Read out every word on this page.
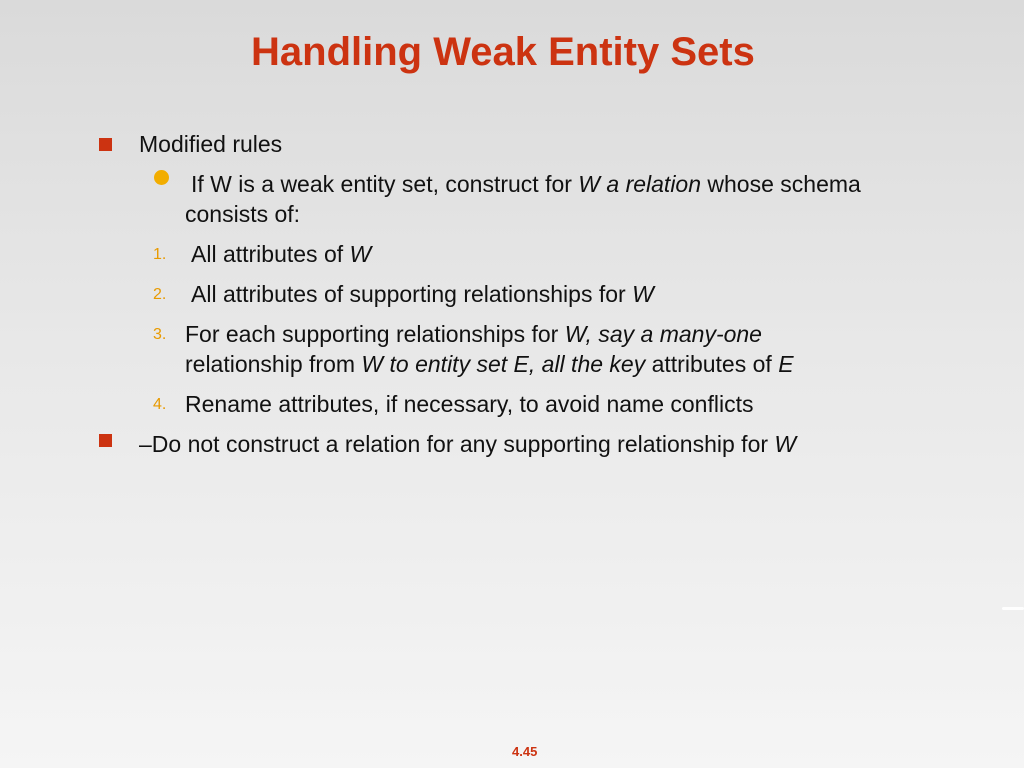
Handling Weak Entity Sets
Modified rules
If W is a weak entity set, construct for W a relation whose schema
consists of:
1. All attributes of W
2. All attributes of supporting relationships for W
3. For each supporting relationships for W, say a many-one
relationship from W to entity set E, all the key attributes of E
4. Rename attributes, if necessary, to avoid name conflicts
–Do not construct a relation for any supporting relationship for W
4.45
